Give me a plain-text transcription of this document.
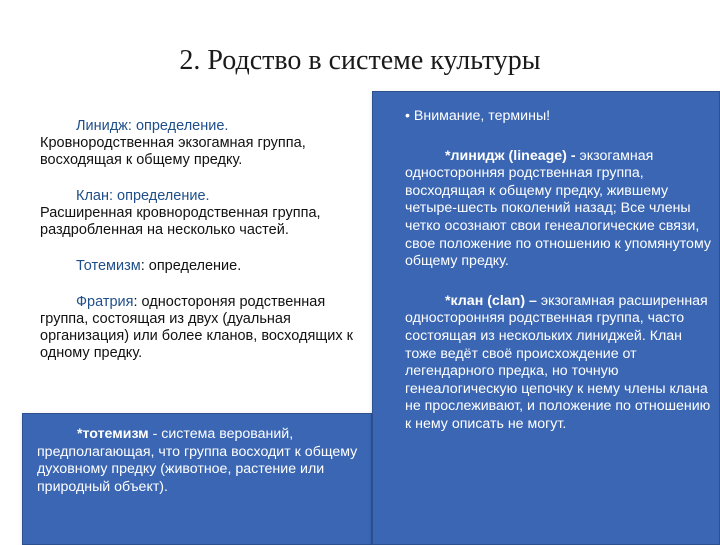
2. Родство в системе культуры

Линидж: определение.
Кровнородственная экзогамная группа, восходящая к общему предку.

Клан: определение.
Расширенная кровнородственная группа, раздробленная на несколько частей.

Тотемизм: определение.

Фратрия: одностороняя родственная группа, состоящая из двух (дуальная организация) или более кланов, восходящих к одному предку.

*тотемизм - система верований, предполагающая, что группа восходит к общему духовному предку (животное, растение или природный объект).

• Внимание, термины!

*линидж (lineage) - экзогамная односторонняя родственная группа, восходящая к общему предку, жившему четыре-шесть поколений назад; Все члены четко осознают свои генеалогические связи, свое положение по отношению к упомянутому общему предку.

*клан (clan) – экзогамная расширенная односторонняя родственная группа, часто состоящая из нескольких линиджей. Клан тоже ведёт своё происхождение от легендарного предка, но точную генеалогическую цепочку к нему члены клана не прослеживают, и положение по отношению к нему описать не могут.
